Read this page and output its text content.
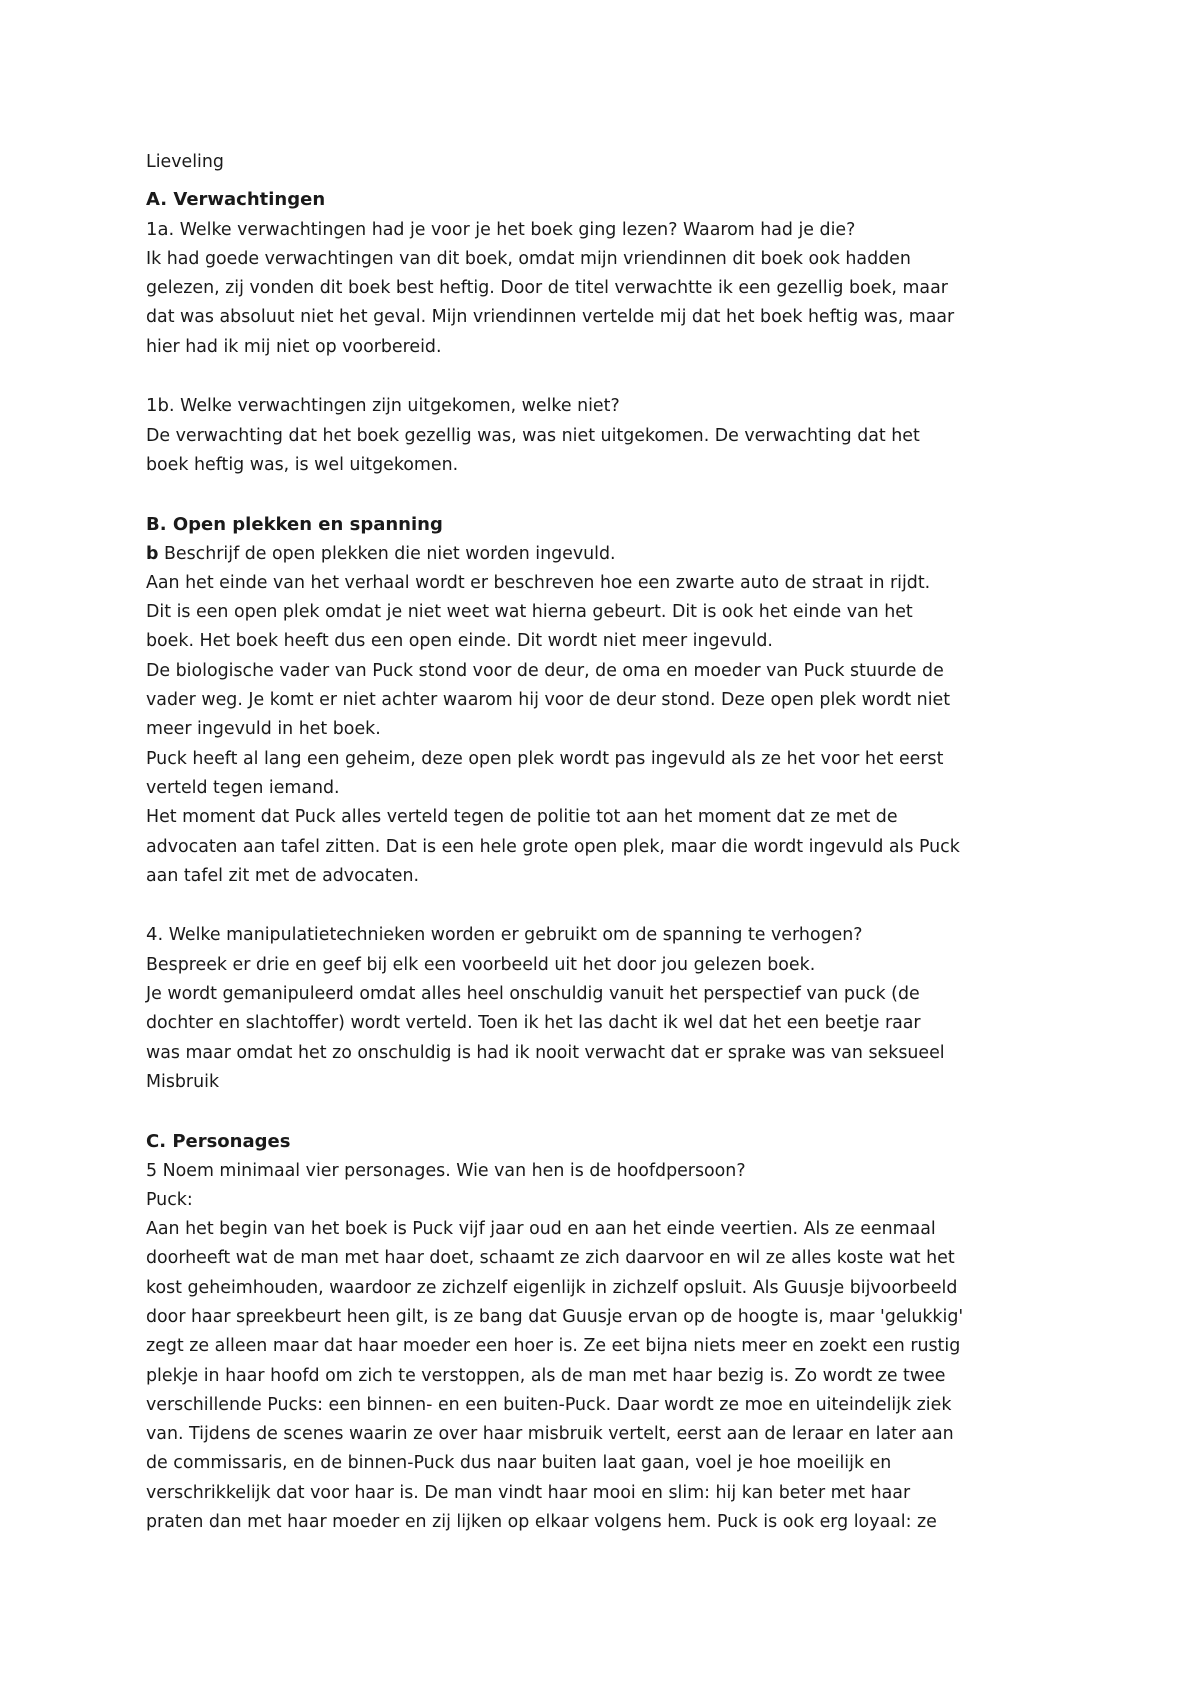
Lieveling
A. Verwachtingen
1a. Welke verwachtingen had je voor je het boek ging lezen? Waarom had je die?
Ik had goede verwachtingen van dit boek, omdat mijn vriendinnen dit boek ook hadden
gelezen, zij vonden dit boek best heftig. Door de titel verwachtte ik een gezellig boek, maar
dat was absoluut niet het geval. Mijn vriendinnen vertelde mij dat het boek heftig was, maar
hier had ik mij niet op voorbereid.
1b. Welke verwachtingen zijn uitgekomen, welke niet?
De verwachting dat het boek gezellig was, was niet uitgekomen. De verwachting dat het
boek heftig was, is wel uitgekomen.
B. Open plekken en spanning
b Beschrijf de open plekken die niet worden ingevuld.
Aan het einde van het verhaal wordt er beschreven hoe een zwarte auto de straat in rijdt.
Dit is een open plek omdat je niet weet wat hierna gebeurt. Dit is ook het einde van het
boek. Het boek heeft dus een open einde. Dit wordt niet meer ingevuld.
De biologische vader van Puck stond voor de deur, de oma en moeder van Puck stuurde de
vader weg. Je komt er niet achter waarom hij voor de deur stond. Deze open plek wordt niet
meer ingevuld in het boek.
Puck heeft al lang een geheim, deze open plek wordt pas ingevuld als ze het voor het eerst
verteld tegen iemand.
Het moment dat Puck alles verteld tegen de politie tot aan het moment dat ze met de
advocaten aan tafel zitten. Dat is een hele grote open plek, maar die wordt ingevuld als Puck
aan tafel zit met de advocaten.
4. Welke manipulatietechnieken worden er gebruikt om de spanning te verhogen?
Bespreek er drie en geef bij elk een voorbeeld uit het door jou gelezen boek.
Je wordt gemanipuleerd omdat alles heel onschuldig vanuit het perspectief van puck (de
dochter en slachtoffer) wordt verteld. Toen ik het las dacht ik wel dat het een beetje raar
was maar omdat het zo onschuldig is had ik nooit verwacht dat er sprake was van seksueel
Misbruik
C. Personages
5 Noem minimaal vier personages. Wie van hen is de hoofdpersoon?
Puck:
Aan het begin van het boek is Puck vijf jaar oud en aan het einde veertien. Als ze eenmaal
doorheeft wat de man met haar doet, schaamt ze zich daarvoor en wil ze alles koste wat het
kost geheimhouden, waardoor ze zichzelf eigenlijk in zichzelf opsluit. Als Guusje bijvoorbeeld
door haar spreekbeurt heen gilt, is ze bang dat Guusje ervan op de hoogte is, maar 'gelukkig'
zegt ze alleen maar dat haar moeder een hoer is. Ze eet bijna niets meer en zoekt een rustig
plekje in haar hoofd om zich te verstoppen, als de man met haar bezig is. Zo wordt ze twee
verschillende Pucks: een binnen- en een buiten-Puck. Daar wordt ze moe en uiteindelijk ziek
van. Tijdens de scenes waarin ze over haar misbruik vertelt, eerst aan de leraar en later aan
de commissaris, en de binnen-Puck dus naar buiten laat gaan, voel je hoe moeilijk en
verschrikkelijk dat voor haar is. De man vindt haar mooi en slim: hij kan beter met haar
praten dan met haar moeder en zij lijken op elkaar volgens hem. Puck is ook erg loyaal: ze
